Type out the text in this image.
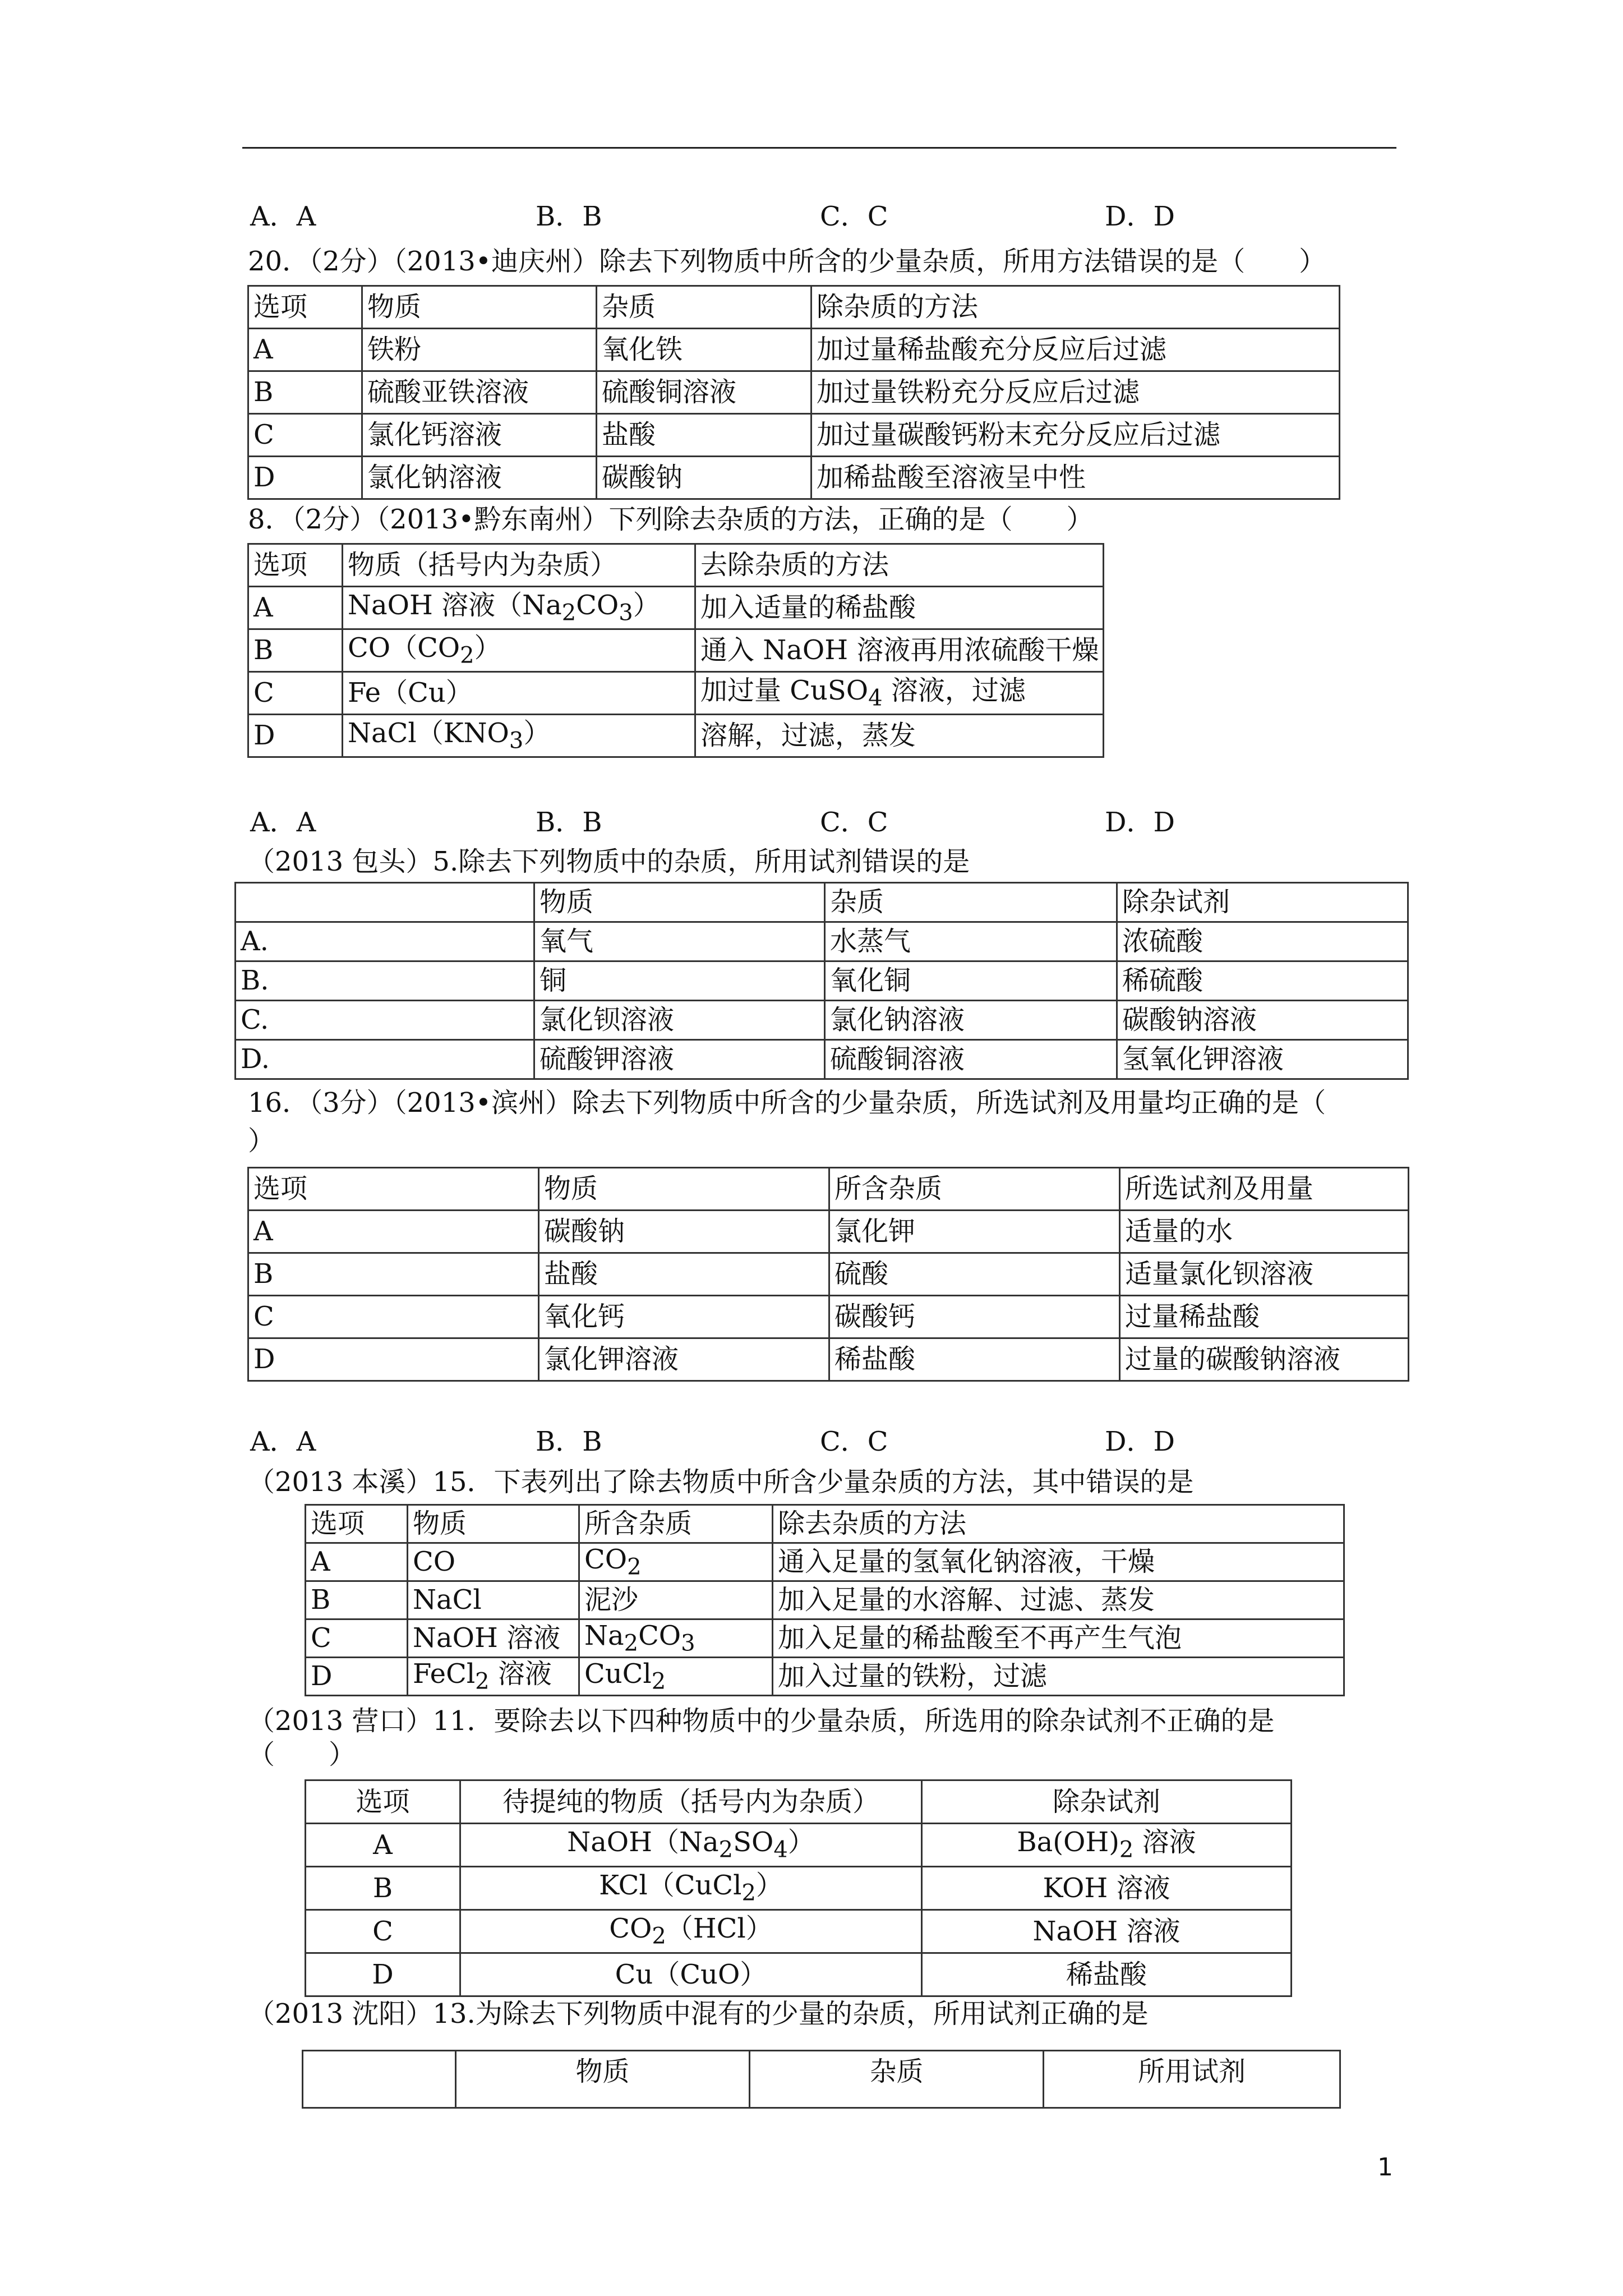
A．A	B．B	C．C	D．D
20．（2分）（2013•迪庆州）除去下列物质中所含的少量杂质，所用方法错误的是（　　）
选项	物质	杂质	除杂质的方法
A	铁粉	氧化铁	加过量稀盐酸充分反应后过滤
B	硫酸亚铁溶液	硫酸铜溶液	加过量铁粉充分反应后过滤
C	氯化钙溶液	盐酸	加过量碳酸钙粉末充分反应后过滤
D	氯化钠溶液	碳酸钠	加稀盐酸至溶液呈中性
8．（2分）（2013•黔东南州）下列除去杂质的方法，正确的是（　　）
选项	物质（括号内为杂质）	去除杂质的方法
A	NaOH 溶液$(Na_2CO_3)$	加入适量的稀盐酸
B	$CO(CO_2)$	通入 NaOH 溶液再用浓硫酸干燥
C	Fe（Cu）	加过量 CuSO$_4$ 溶液，过滤
D	$NaCl(KNO_3)$	溶解，过滤，蒸发
A．A	B．B	C．C	D．D
（2013 包头）5.除去下列物质中的杂质，所用试剂错误的是
	物质	杂质	除杂试剂
A.	氧气	水蒸气	浓硫酸
B.	铜	氧化铜	稀硫酸
C.	氯化钡溶液	氯化钠溶液	碳酸钠溶液
D.	硫酸钾溶液	硫酸铜溶液	氢氧化钾溶液
16．（3分）（2013•滨州）除去下列物质中所含的少量杂质，所选试剂及用量均正确的是（
）
选项	物质	所含杂质	所选试剂及用量
A	碳酸钠	氯化钾	适量的水
B	盐酸	硫酸	适量氯化钡溶液
C	氧化钙	碳酸钙	过量稀盐酸
D	氯化钾溶液	稀盐酸	过量的碳酸钠溶液
A．A	B．B	C．C	D．D
（2013 本溪）15．下表列出了除去物质中所含少量杂质的方法，其中错误的是
选项	物质	所含杂质	除去杂质的方法
A	CO	$CO_2$	通入足量的氢氧化钠溶液，干燥
B	NaCl	泥沙	加入足量的水溶解、过滤、蒸发
C	NaOH 溶液	$Na_2CO_3$	加入足量的稀盐酸至不再产生气泡
D	FeCl$_2$ 溶液	CuCl$_2$	加入过量的铁粉，过滤
（2013 营口）11．要除去以下四种物质中的少量杂质，所选用的除杂试剂不正确的是
（　　）
选项	待提纯的物质（括号内为杂质）	除杂试剂
A	$NaOH(Na_2SO_4)$	$Ba(OH)_2$ 溶液
B	KCl（CuCl$_2$）	KOH 溶液
C	$CO_2(HCl)$	NaOH 溶液
D	Cu（CuO）	稀盐酸
（2013 沈阳）13.为除去下列物质中混有的少量的杂质，所用试剂正确的是
	物质	杂质	所用试剂
1
